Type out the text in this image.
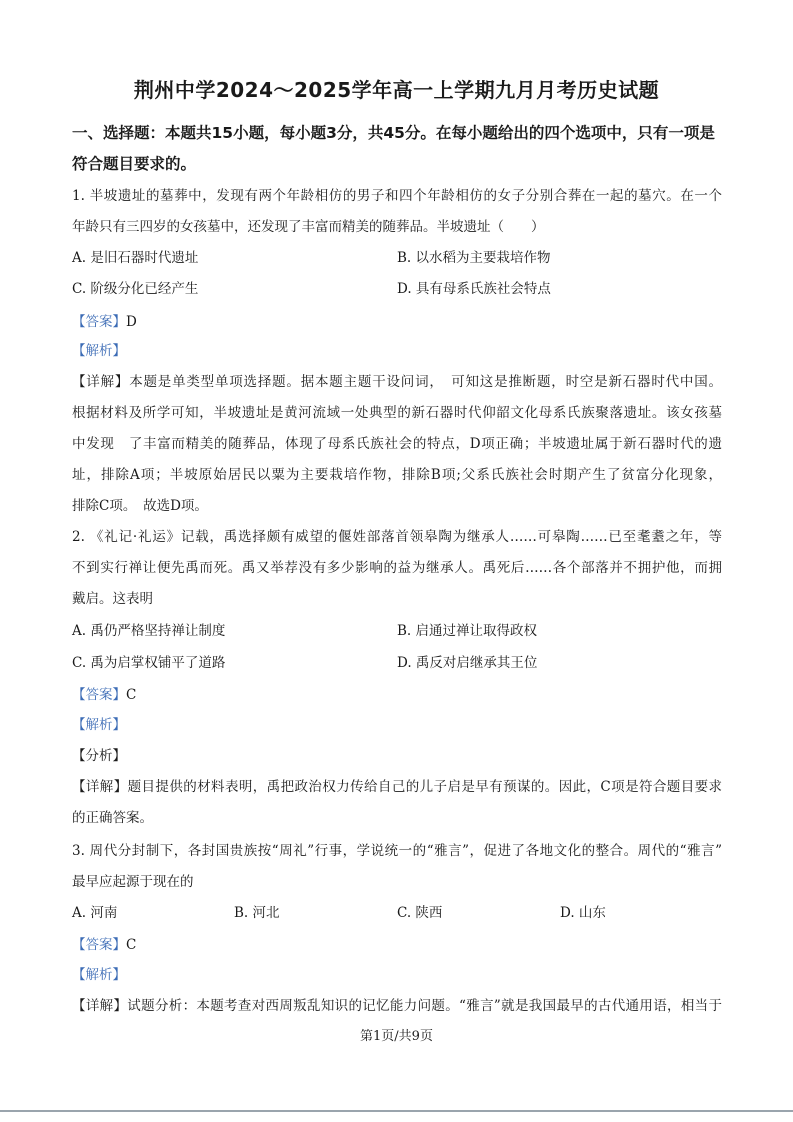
荆州中学2024～2025学年高一上学期九月月考历史试题
一、选择题：本题共15小题，每小题3分，共45分。在每小题给出的四个选项中，只有一项是符合题目要求的。
1. 半坡遗址的墓葬中，发现有两个年龄相仿的男子和四个年龄相仿的女子分别合葬在一起的墓穴。在一个
年龄只有三四岁的女孩墓中，还发现了丰富而精美的随葬品。半坡遗址（　　）
A. 是旧石器时代遗址	B. 以水稻为主要栽培作物
C. 阶级分化已经产生	D. 具有母系氏族社会特点
【答案】D
【解析】
【详解】本题是单类型单项选择题。据本题主题干设问词，　可知这是推断题，时空是新石器时代中国。
根据材料及所学可知，半坡遗址是黄河流域一处典型的新石器时代仰韶文化母系氏族聚落遗址。该女孩墓
中发现　了丰富而精美的随葬品，体现了母系氏族社会的特点，D项正确；半坡遗址属于新石器时代的遗
址，排除A项；半坡原始居民以粟为主要栽培作物，排除B项;父系氏族社会时期产生了贫富分化现象，
排除C项。　故选D项。
2. 《礼记·礼运》记载，禹选择颇有威望的偃姓部落首领皋陶为继承人……可皋陶……已至耄耋之年，等
不到实行禅让便先禹而死。禹又举荐没有多少影响的益为继承人。禹死后……各个部落并不拥护他，而拥
戴启。这表明
A. 禹仍严格坚持禅让制度	B. 启通过禅让取得政权
C. 禹为启掌权铺平了道路	D. 禹反对启继承其王位
【答案】C
【解析】
【分析】
【详解】题目提供的材料表明，禹把政治权力传给自己的儿子启是早有预谋的。因此，C项是符合题目要求
的正确答案。
3. 周代分封制下，各封国贵族按“周礼”行事，学说统一的“雅言”，促进了各地文化的整合。周代的“雅言”
最早应起源于现在的
A. 河南	B. 河北	C. 陕西	D. 山东
【答案】C
【解析】
【详解】试题分析：本题考查对西周叛乱知识的记忆能力问题。“雅言”就是我国最早的古代通用语，相当于
第1页/共9页
